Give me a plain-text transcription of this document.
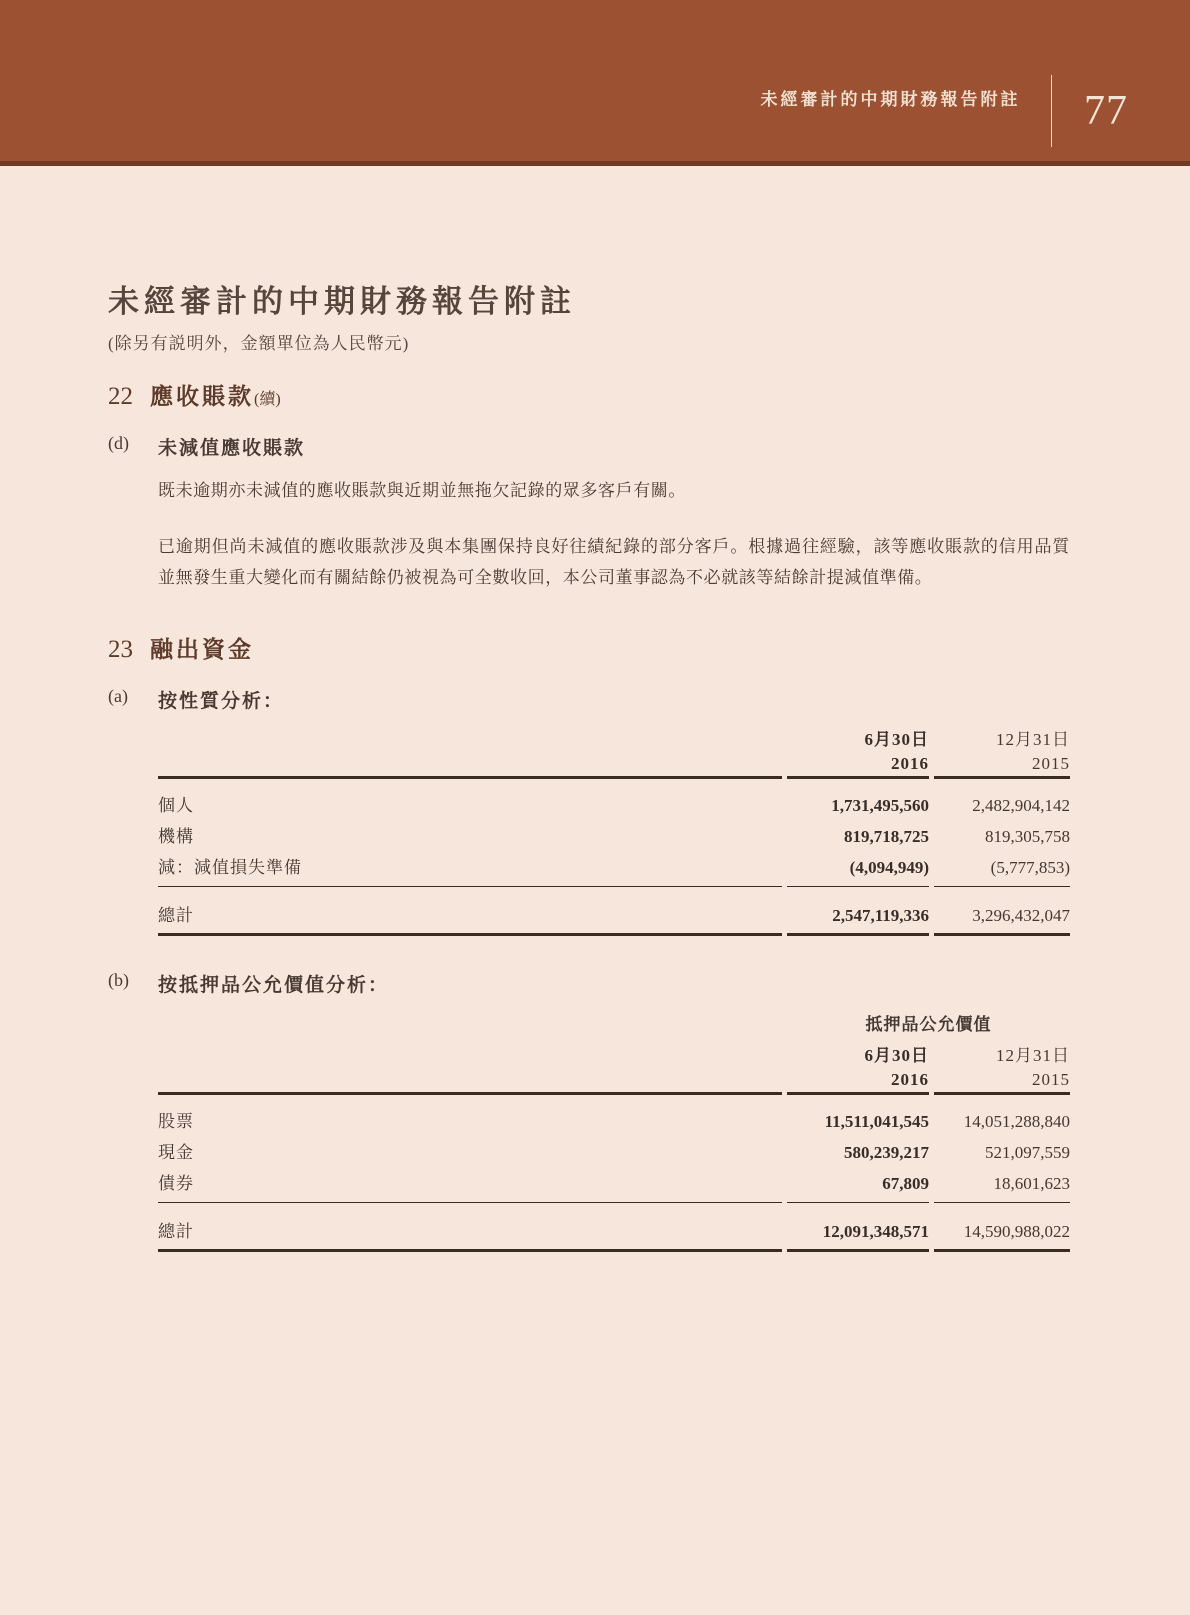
未經審計的中期財務報告附註 77
未經審計的中期財務報告附註
(除另有説明外，金額單位為人民幣元)
22 應收賬款(續)
(d)	未減值應收賬款
既未逾期亦未減值的應收賬款與近期並無拖欠記錄的眾多客戶有關。
已逾期但尚未減值的應收賬款涉及與本集團保持良好往績紀錄的部分客戶。根據過往經驗，該等應收賬款的信用品質並無發生重大變化而有關結餘仍被視為可全數收回，本公司董事認為不必就該等結餘計提減值準備。
23 融出資金
(a)	按性質分析：
	6月30日	12月31日
	2016	2015
個人	1,731,495,560	2,482,904,142
機構	819,718,725	819,305,758
減：減值損失準備	(4,094,949)	(5,777,853)
總計	2,547,119,336	3,296,432,047
(b)	按抵押品公允價值分析：
	抵押品公允價值	
	6月30日	12月31日
	2016	2015
股票	11,511,041,545	14,051,288,840
現金	580,239,217	521,097,559
債券	67,809	18,601,623
總計	12,091,348,571	14,590,988,022
